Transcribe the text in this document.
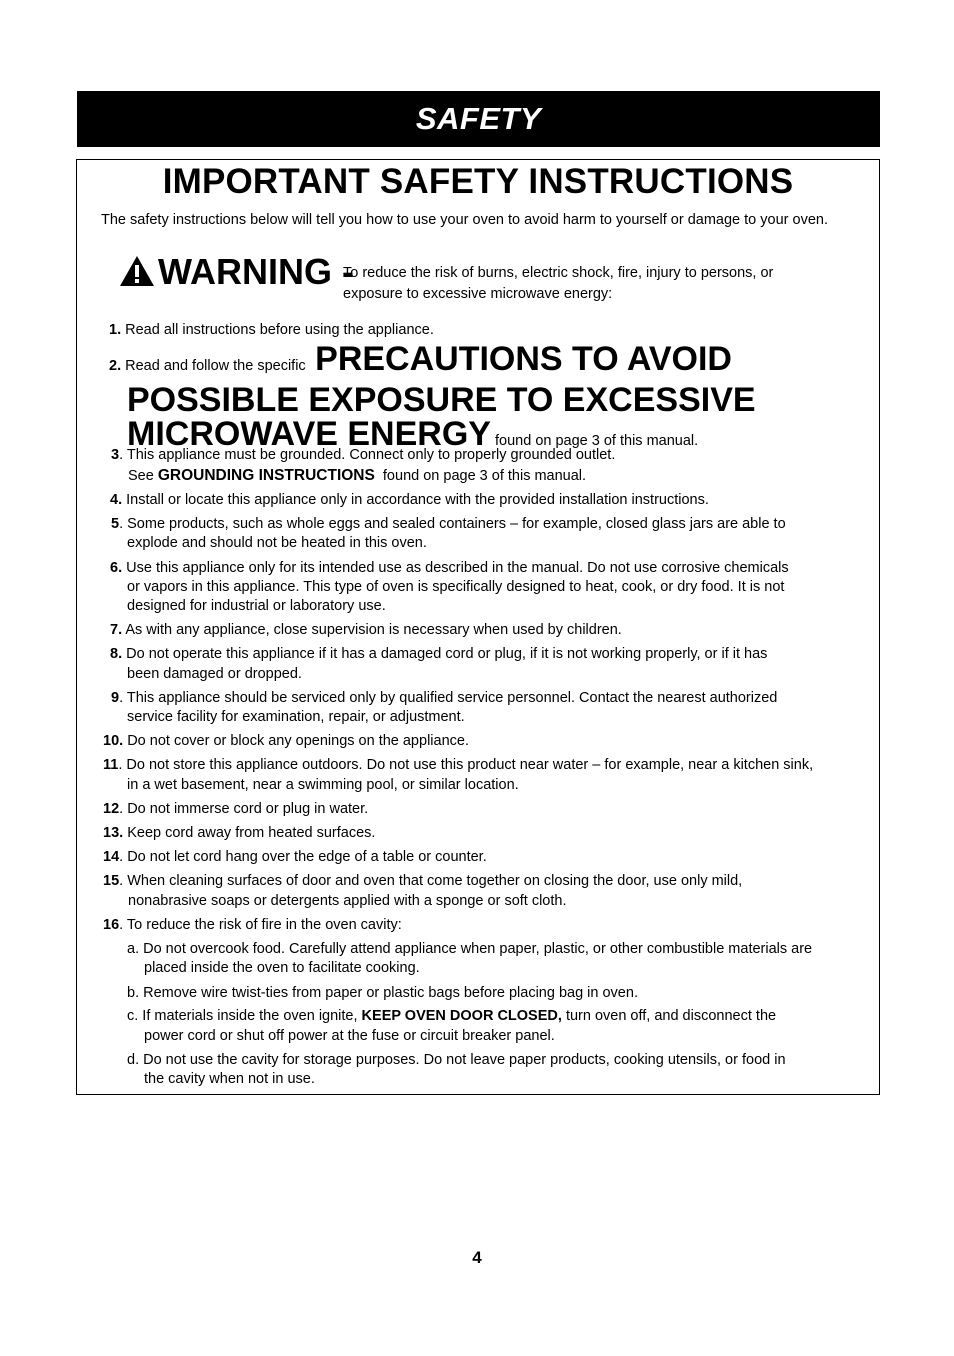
SAFETY
IMPORTANT SAFETY INSTRUCTIONS
The safety instructions below will tell you how to use your oven to avoid harm to yourself or damage to your oven.
WARNING -
To reduce the risk of burns, electric shock, fire, injury to persons, or
exposure to excessive microwave energy:
1. Read all instructions before using the appliance.
2. Read and follow the specific PRECAUTIONS TO AVOID
POSSIBLE EXPOSURE TO EXCESSIVE
MICROWAVE ENERGY found on page 3 of this manual.
3. This appliance must be grounded. Connect only to properly grounded outlet.
See GROUNDING INSTRUCTIONS found on page 3 of this manual.
4. Install or locate this appliance only in accordance with the provided installation instructions.
5. Some products, such as whole eggs and sealed containers – for example, closed glass jars are able to
explode and should not be heated in this oven.
6. Use this appliance only for its intended use as described in the manual. Do not use corrosive chemicals
or vapors in this appliance. This type of oven is specifically designed to heat, cook, or dry food. It is not
designed for industrial or laboratory use.
7. As with any appliance, close supervision is necessary when used by children.
8. Do not operate this appliance if it has a damaged cord or plug, if it is not working properly, or if it has
been damaged or dropped.
9. This appliance should be serviced only by qualified service personnel. Contact the nearest authorized
service facility for examination, repair, or adjustment.
10. Do not cover or block any openings on the appliance.
11. Do not store this appliance outdoors. Do not use this product near water – for example, near a kitchen sink,
in a wet basement, near a swimming pool, or similar location.
12. Do not immerse cord or plug in water.
13. Keep cord away from heated surfaces.
14. Do not let cord hang over the edge of a table or counter.
15. When cleaning surfaces of door and oven that come together on closing the door, use only mild,
nonabrasive soaps or detergents applied with a sponge or soft cloth.
16. To reduce the risk of fire in the oven cavity:
a. Do not overcook food. Carefully attend appliance when paper, plastic, or other combustible materials are
placed inside the oven to facilitate cooking.
b. Remove wire twist-ties from paper or plastic bags before placing bag in oven.
c. If materials inside the oven ignite, KEEP OVEN DOOR CLOSED, turn oven off, and disconnect the
power cord or shut off power at the fuse or circuit breaker panel.
d. Do not use the cavity for storage purposes. Do not leave paper products, cooking utensils, or food in
the cavity when not in use.
4
